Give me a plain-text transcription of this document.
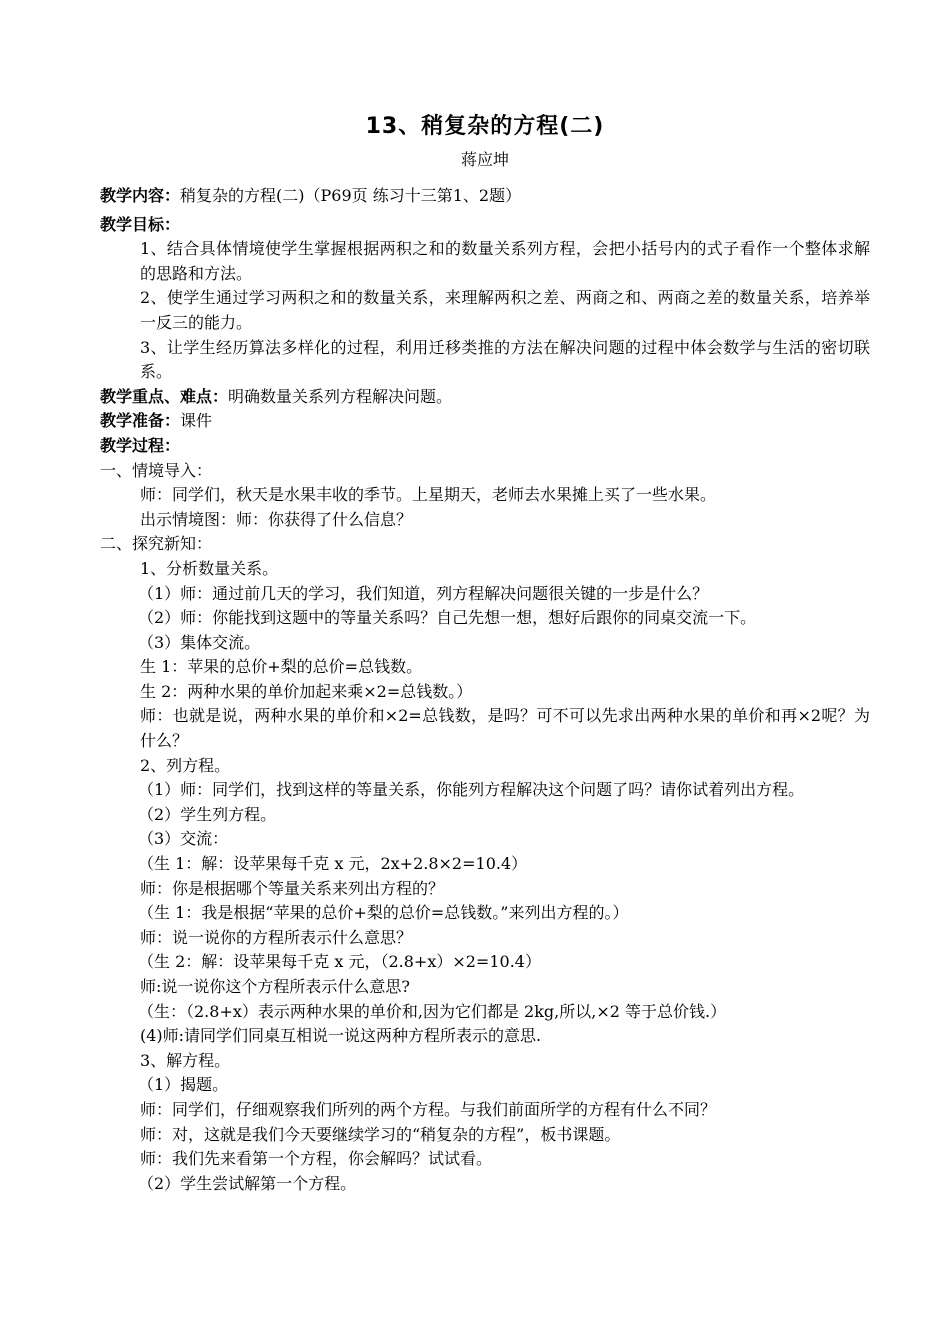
13、稍复杂的方程(二)

蒋应坤

教学内容：稍复杂的方程(二)（P69页 练习十三第1、2题）

教学目标：

1、结合具体情境使学生掌握根据两积之和的数量关系列方程，会把小括号内的式子看作一个整体求解的思路和方法。

2、使学生通过学习两积之和的数量关系，来理解两积之差、两商之和、两商之差的数量关系，培养举一反三的能力。

3、让学生经历算法多样化的过程，利用迁移类推的方法在解决问题的过程中体会数学与生活的密切联系。

教学重点、难点：明确数量关系列方程解决问题。

教学准备：课件

教学过程：

一、情境导入：

师：同学们，秋天是水果丰收的季节。上星期天，老师去水果摊上买了一些水果。

出示情境图：师：你获得了什么信息？

二、探究新知：

1、分析数量关系。

（1）师：通过前几天的学习，我们知道，列方程解决问题很关键的一步是什么？

（2）师：你能找到这题中的等量关系吗？自己先想一想，想好后跟你的同桌交流一下。

（3）集体交流。

生 1：苹果的总价+梨的总价=总钱数。

生 2：两种水果的单价加起来乘×2=总钱数。）

师：也就是说，两种水果的单价和×2=总钱数，是吗？可不可以先求出两种水果的单价和再×2呢？为什么？

2、列方程。

（1）师：同学们，找到这样的等量关系，你能列方程解决这个问题了吗？请你试着列出方程。

（2）学生列方程。

（3）交流：

（生 1：解：设苹果每千克 x 元，2x+2.8×2=10.4）

师：你是根据哪个等量关系来列出方程的？

（生 1：我是根据“苹果的总价+梨的总价=总钱数。”来列出方程的。）

师：说一说你的方程所表示什么意思？

（生 2：解：设苹果每千克 x 元，（2.8+x）×2=10.4）

师:说一说你这个方程所表示什么意思?

（生：（2.8+x）表示两种水果的单价和,因为它们都是 2kg,所以,×2 等于总价钱.）

(4)师:请同学们同桌互相说一说这两种方程所表示的意思.

3、解方程。

（1）揭题。

师：同学们，仔细观察我们所列的两个方程。与我们前面所学的方程有什么不同？

师：对，这就是我们今天要继续学习的“稍复杂的方程”，板书课题。

师：我们先来看第一个方程，你会解吗？试试看。

（2）学生尝试解第一个方程。
